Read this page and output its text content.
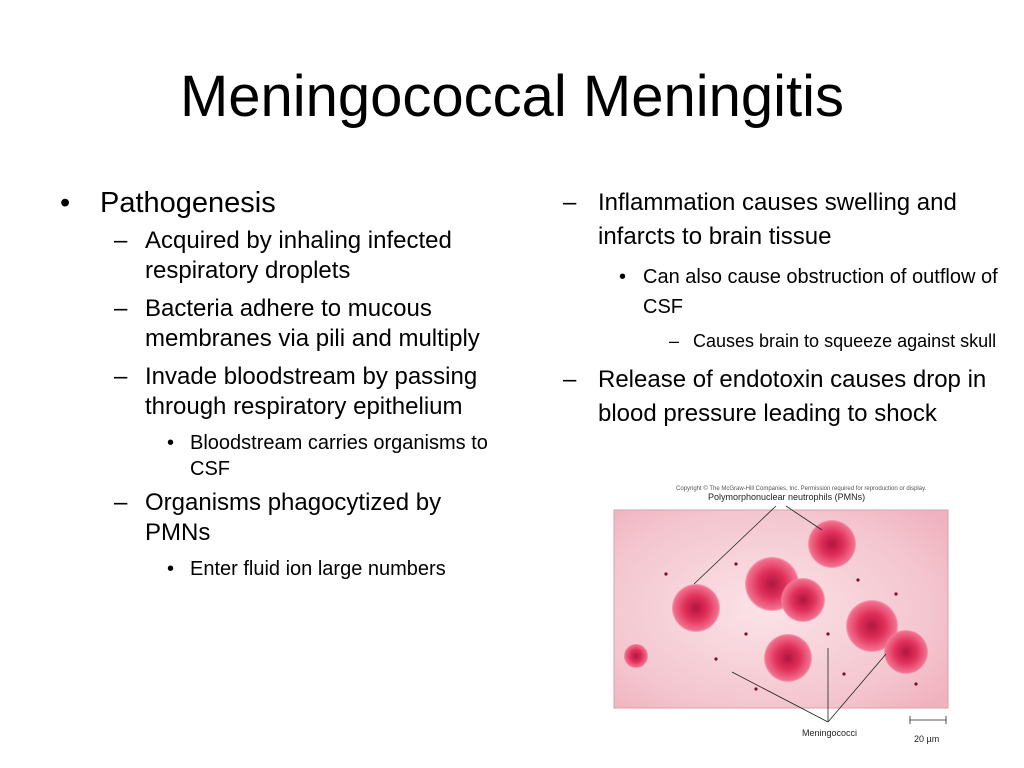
Meningococcal Meningitis
• Pathogenesis
– Acquired by inhaling infected respiratory droplets
– Bacteria adhere to mucous membranes via pili and multiply
– Invade bloodstream by passing through respiratory epithelium
• Bloodstream carries organisms to CSF
– Organisms phagocytized by PMNs
• Enter fluid ion large numbers
– Inflammation causes swelling and infarcts to brain tissue
• Can also cause obstruction of outflow of CSF
– Causes brain to squeeze against skull
– Release of endotoxin causes drop in blood pressure leading to shock
Copyright © The McGraw-Hill Companies, Inc. Permission required for reproduction or display.
Polymorphonuclear neutrophils (PMNs)
Meningococci
20 µm
